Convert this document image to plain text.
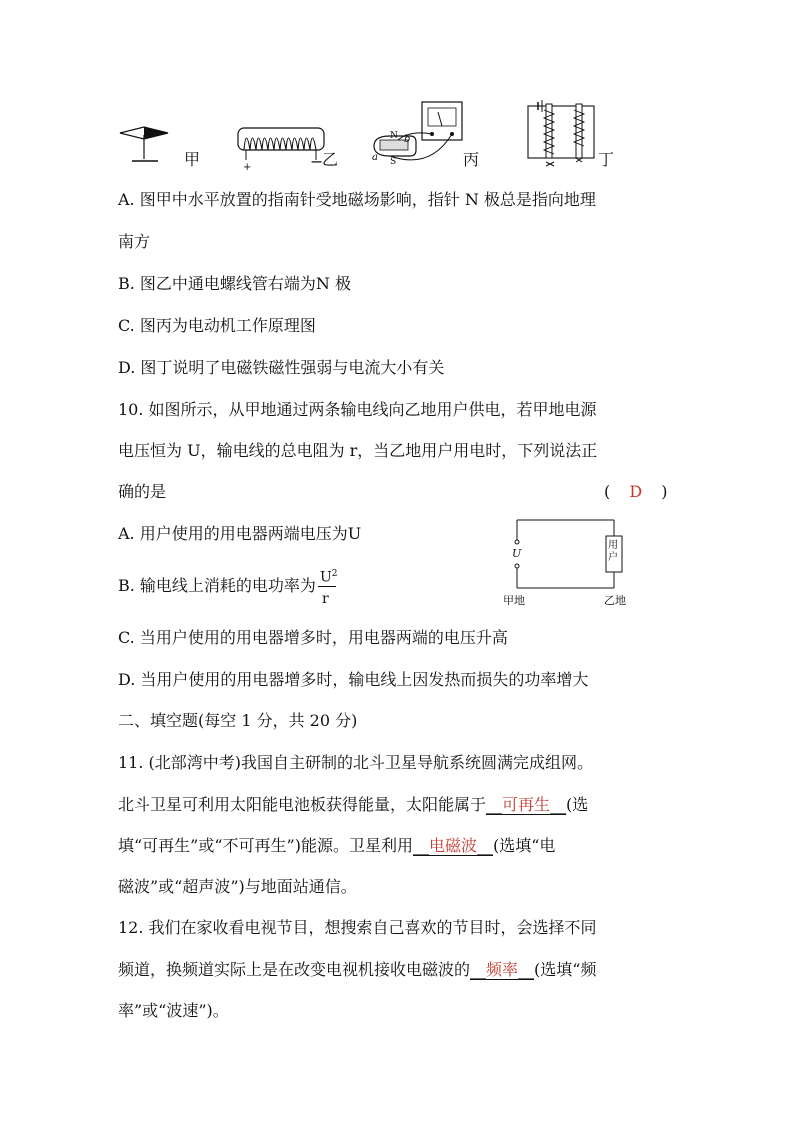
甲	+	−
乙
N
S
a
b
丙	丁
A. 图甲中水平放置的指南针受地磁场影响，指针 N 极总是指向地理
南方
B. 图乙中通电螺线管右端为N 极
C. 图丙为电动机工作原理图
D. 图丁说明了电磁铁磁性强弱与电流大小有关
10. 如图所示，从甲地通过两条输电线向乙地用户供电，若甲地电源
电压恒为 U，输电线的总电阻为 r，当乙地用户用电时，下列说法正
确的是	( D )
A. 用户使用的用电器两端电压为U
B. 输电线上消耗的电功率为 $\frac{U^2}{r}$
U
用户
甲地	乙地
C. 当用户使用的用电器增多时，用电器两端的电压升高
D. 当用户使用的用电器增多时，输电线上因发热而损失的功率增大
二、填空题(每空 1 分，共 20 分)
11. (北部湾中考)我国自主研制的北斗卫星导航系统圆满完成组网。
北斗卫星可利用太阳能电池板获得能量，太阳能属于__可再生__(选
填“可再生”或“不可再生”)能源。卫星利用__电磁波__(选填“电
磁波”或“超声波”)与地面站通信。
12. 我们在家收看电视节目，想搜索自己喜欢的节目时，会选择不同
频道，换频道实际上是在改变电视机接收电磁波的__频率__(选填“频
率”或“波速”)。
